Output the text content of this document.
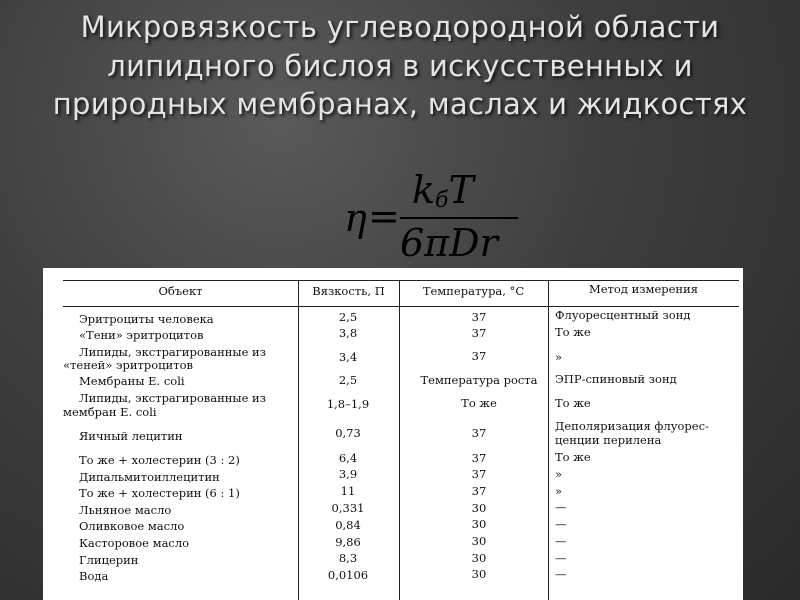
Микровязкость углеводородной области липидного бислоя в искусственных и природных мембранах, маслах и жидкостях
η =
$k_бT$
6πDr
Объект	Вязкость, П	Температура, °С	Метод измерения
Эритроциты человека	2,5	37	Флуоресцентный зонд
«Тени» эритроцитов	3,8	37	То же
Липиды, экстрагированные из
«теней» эритроцитов
3,4	37	»
Мембраны E. coli	2,5	Температура роста	ЭПР-спиновый зонд
Липиды, экстрагированные из
мембран E. coli
1,8–1,9	То же	То же
Яичный лецитин	0,73	37	Деполяризация флуорес-
ценции перилена
То же + холестерин (3 : 2)	6,4	37	То же
Дипальмитоиллецитин	3,9	37	»
То же + холестерин (6 : 1)	11	37	»
Льняное масло	0,331	30	—
Оливковое масло	0,84	30	—
Касторовое масло	9,86	30	—
Глицерин	8,3	30	—
Вода	0,0106	30	—
